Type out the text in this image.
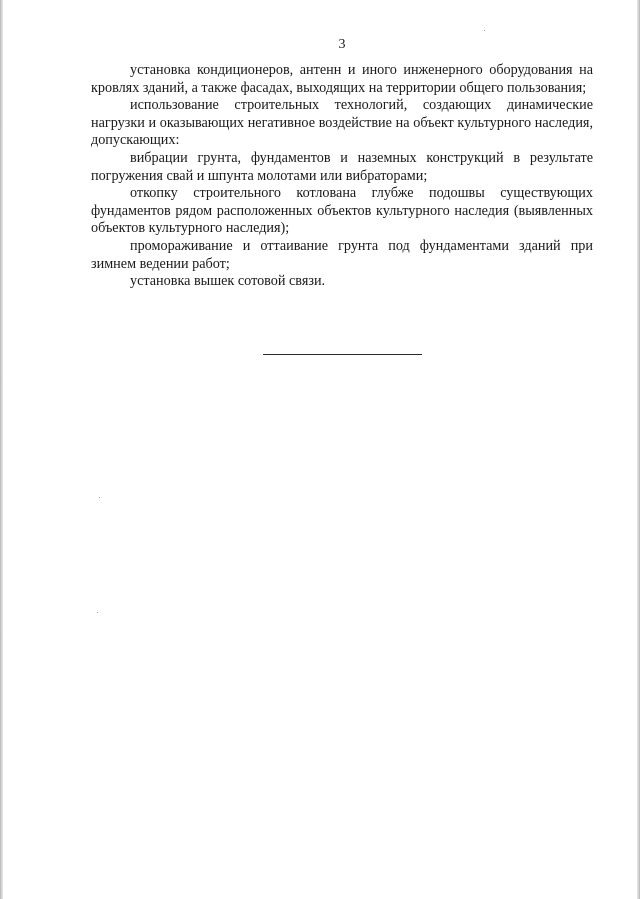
3

установка кондиционеров, антенн и иного инженерного оборудования на кровлях зданий, а также фасадах, выходящих на территории общего пользования;

использование строительных технологий, создающих динамические нагрузки и оказывающих негативное воздействие на объект культурного наследия, допускающих:

вибрации грунта, фундаментов и наземных конструкций в результате погружения свай и шпунта молотами или вибраторами;

откопку строительного котлована глубже подошвы существующих фундаментов рядом расположенных объектов культурного наследия (выявленных объектов культурного наследия);

промораживание и оттаивание грунта под фундаментами зданий при зимнем ведении работ;

установка вышек сотовой связи.
